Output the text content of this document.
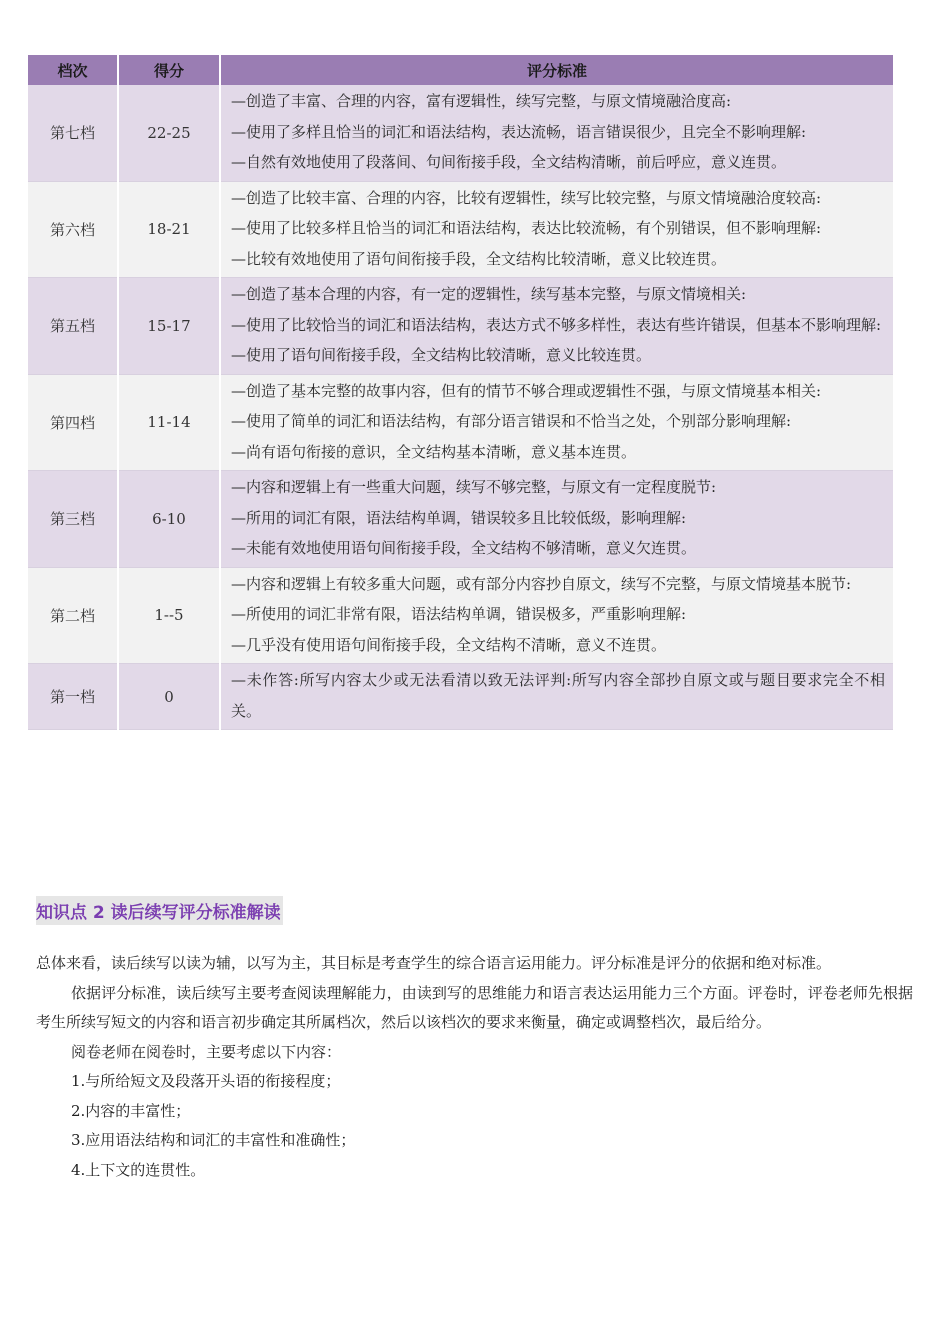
档次	得分	评分标准
第七档	22-25	—创造了丰富、合理的内容，富有逻辑性，续写完整，与原文情境融洽度高:
—使用了多样且恰当的词汇和语法结构，表达流畅，语言错误很少，且完全不影响理解:
—自然有效地使用了段落间、句间衔接手段，全文结构清晰，前后呼应，意义连贯。

第六档	18-21	—创造了比较丰富、合理的内容，比较有逻辑性，续写比较完整，与原文情境融洽度较高:
—使用了比较多样且恰当的词汇和语法结构，表达比较流畅，有个别错误，但不影响理解:
—比较有效地使用了语句间衔接手段，全文结构比较清晰，意义比较连贯。

第五档	15-17	—创造了基本合理的内容，有一定的逻辑性，续写基本完整，与原文情境相关:
—使用了比较恰当的词汇和语法结构，表达方式不够多样性，表达有些许错误，但基本不影响理解:
—使用了语句间衔接手段，全文结构比较清晰，意义比较连贯。

第四档	11-14	—创造了基本完整的故事内容，但有的情节不够合理或逻辑性不强，与原文情境基本相关:
—使用了简单的词汇和语法结构，有部分语言错误和不恰当之处，个别部分影响理解:
—尚有语句衔接的意识，全文结构基本清晰，意义基本连贯。

第三档	6-10	—内容和逻辑上有一些重大问题，续写不够完整，与原文有一定程度脱节:
—所用的词汇有限，语法结构单调，错误较多且比较低级，影响理解:
—未能有效地使用语句间衔接手段，全文结构不够清晰，意义欠连贯。

第二档	1--5	—内容和逻辑上有较多重大问题，或有部分内容抄自原文，续写不完整，与原文情境基本脱节:
—所使用的词汇非常有限，语法结构单调，错误极多，严重影响理解:
—几乎没有使用语句间衔接手段，全文结构不清晰，意义不连贯。

第一档	0	—未作答:所写内容太少或无法看清以致无法评判:所写内容全部抄自原文或与题目要求完全不相关。
知识点 2 读后续写评分标准解读

总体来看，读后续写以读为辅，以写为主，其目标是考查学生的综合语言运用能力。评分标准是评分的依据和绝对标准。

依据评分标准，读后续写主要考查阅读理解能力，由读到写的思维能力和语言表达运用能力三个方面。评卷时，评卷老师先根据考生所续写短文的内容和语言初步确定其所属档次，然后以该档次的要求来衡量，确定或调整档次，最后给分。

阅卷老师在阅卷时，主要考虑以下内容：

1.与所给短文及段落开头语的衔接程度；

2.内容的丰富性；

3.应用语法结构和词汇的丰富性和准确性；

4.上下文的连贯性。
